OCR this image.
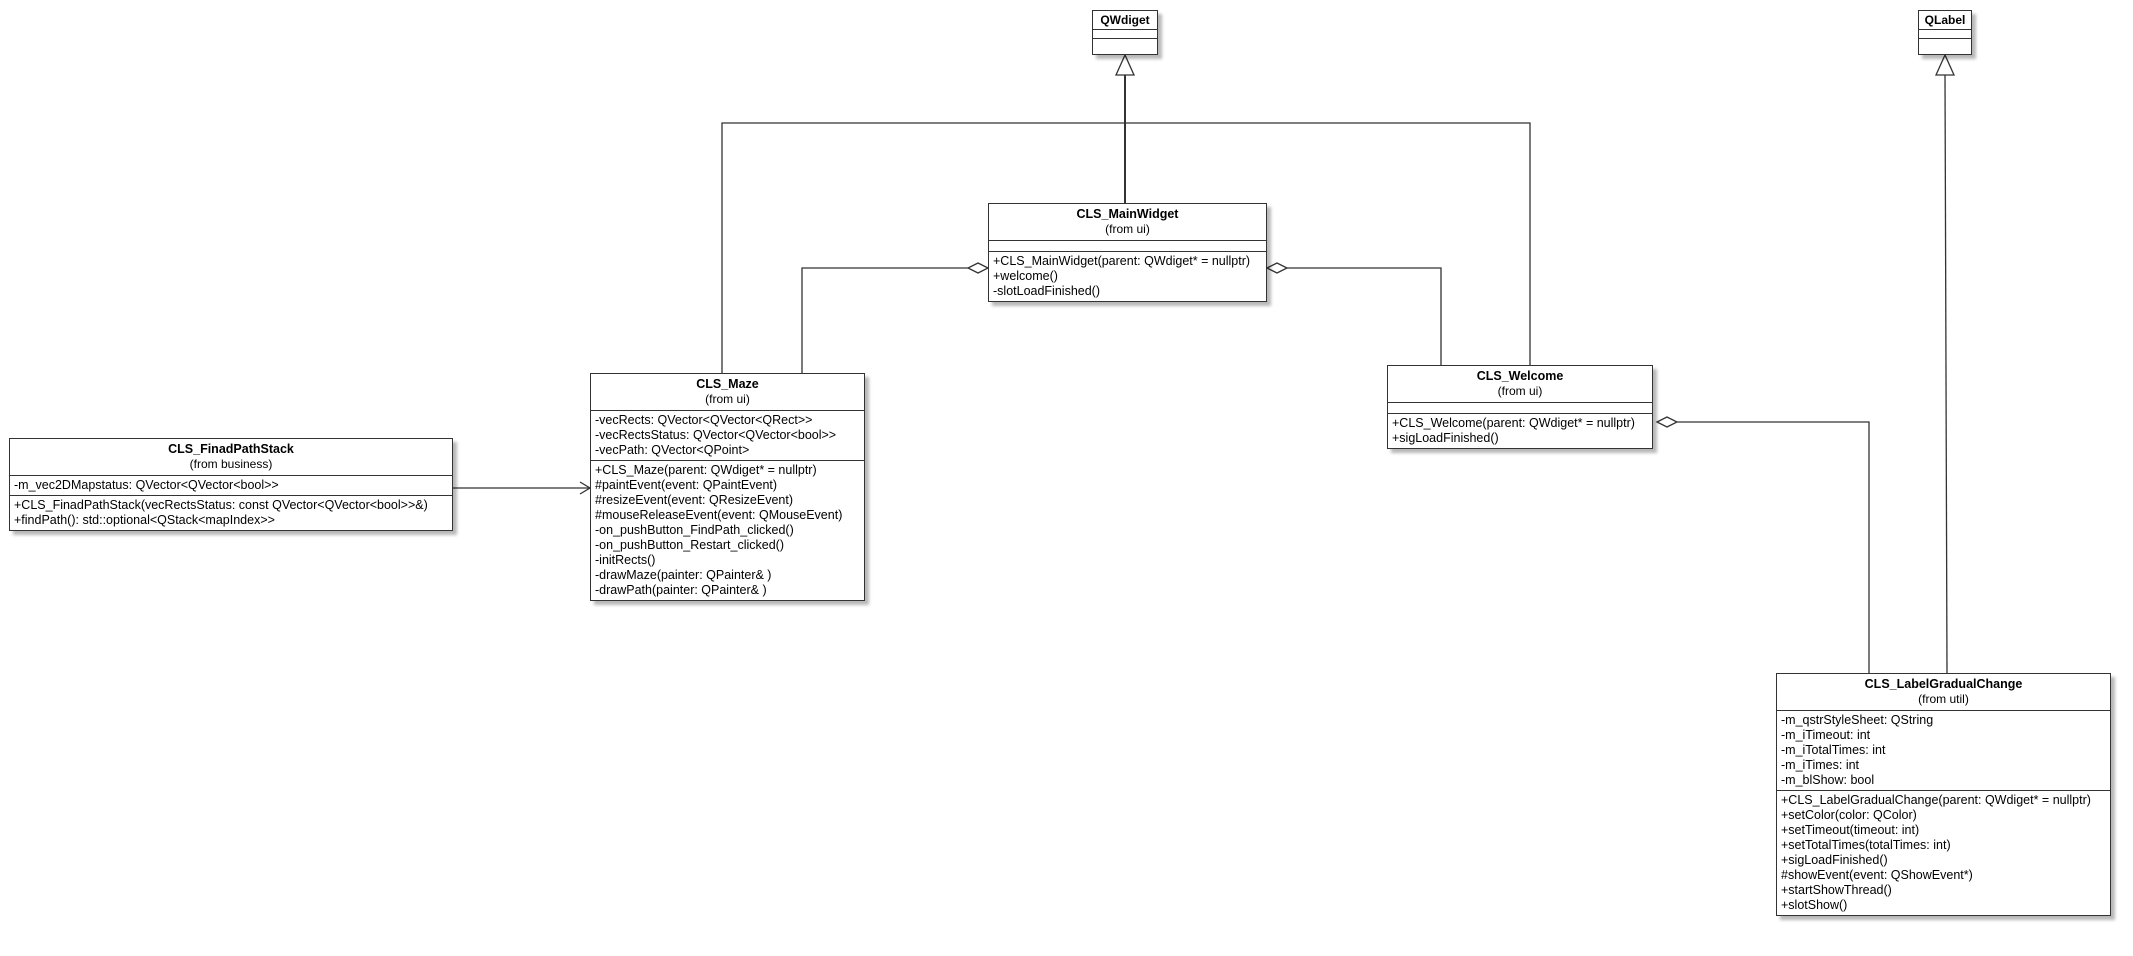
QWdiget	QLabel
CLS_MainWidget
(from ui)
+CLS_MainWidget(parent: QWdiget* = nullptr)
+welcome()
-slotLoadFinished()
CLS_Maze
(from ui)
-vecRects: QVector<QVector<QRect>>
-vecRectsStatus: QVector<QVector<bool>>
-vecPath: QVector<QPoint>
+CLS_Maze(parent: QWdiget* = nullptr)
#paintEvent(event: QPaintEvent)
#resizeEvent(event: QResizeEvent)
#mouseReleaseEvent(event: QMouseEvent)
-on_pushButton_FindPath_clicked()
-on_pushButton_Restart_clicked()
-initRects()
-drawMaze(painter: QPainter& )
-drawPath(painter: QPainter& )
CLS_Welcome
(from ui)
+CLS_Welcome(parent: QWdiget* = nullptr)
+sigLoadFinished()
CLS_FinadPathStack
(from business)
-m_vec2DMapstatus: QVector<QVector<bool>>
+CLS_FinadPathStack(vecRectsStatus: const QVector<QVector<bool>>&)
+findPath(): std::optional<QStack<mapIndex>>
CLS_LabelGradualChange
(from util)
-m_qstrStyleSheet: QString
-m_iTimeout: int
-m_iTotalTimes: int
-m_iTimes: int
-m_blShow: bool
+CLS_LabelGradualChange(parent: QWdiget* = nullptr)
+setColor(color: QColor)
+setTimeout(timeout: int)
+setTotalTimes(totalTimes: int)
+sigLoadFinished()
#showEvent(event: QShowEvent*)
+startShowThread()
+slotShow()
